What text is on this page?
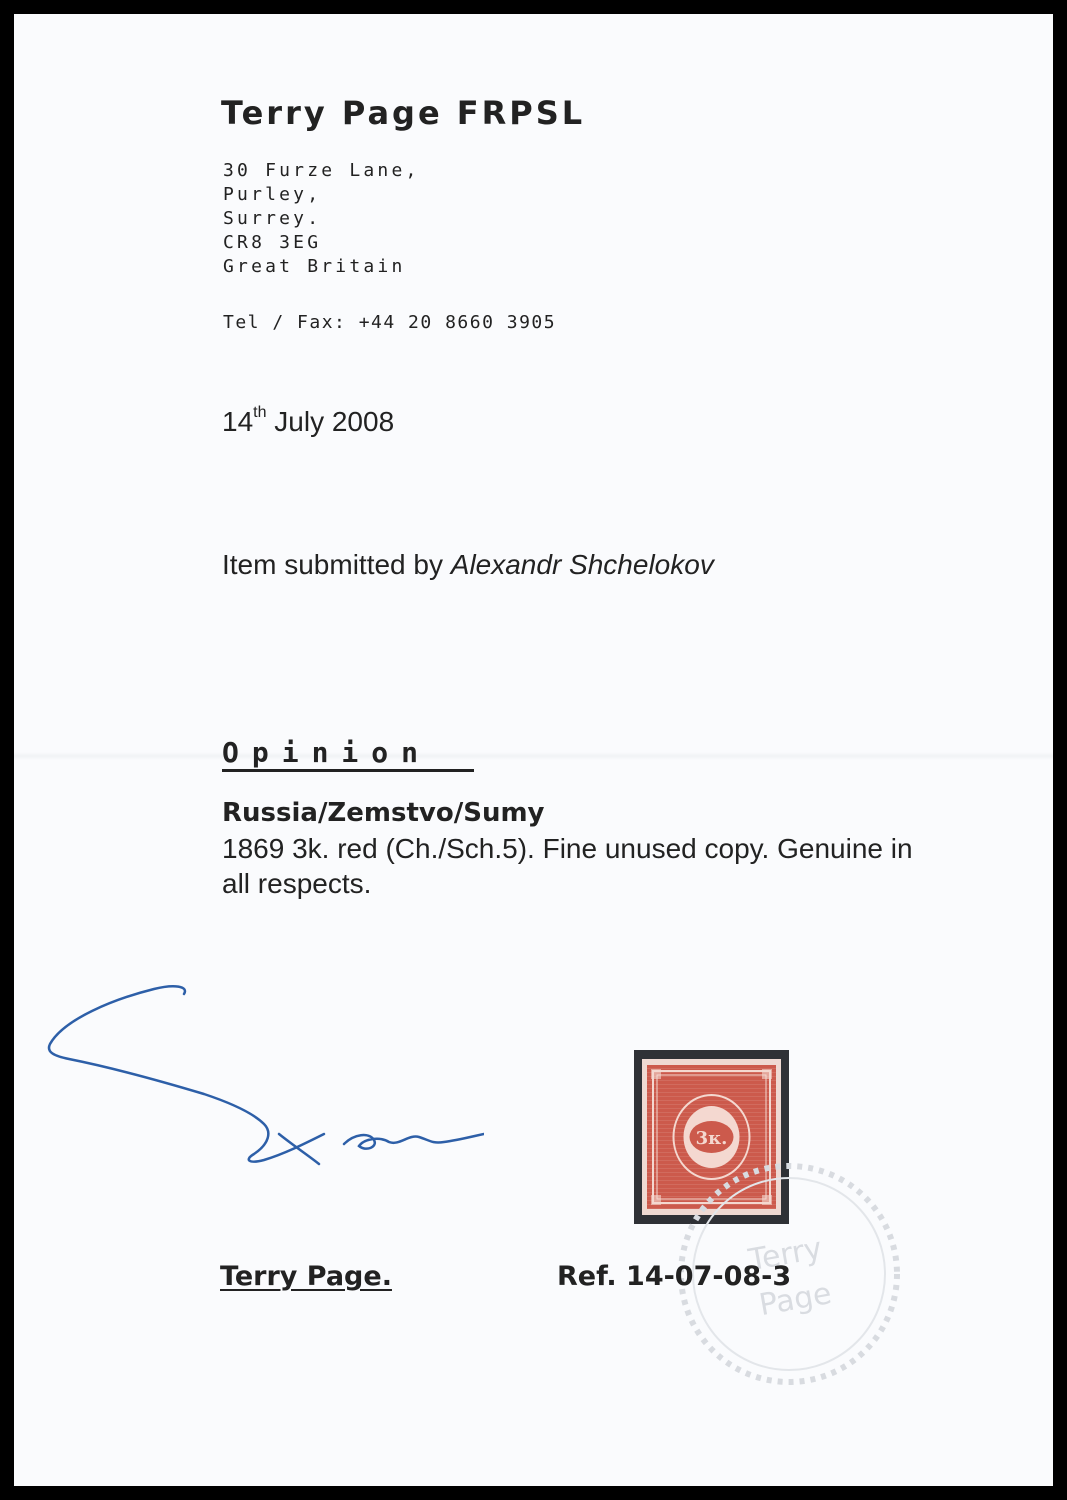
Terry Page FRPSL
30 Furze Lane,
Purley,
Surrey.
CR8 3EG
Great Britain
Tel / Fax: +44 20 8660 3905
14th July 2008
Item submitted by Alexandr Shchelokov
Opinion
Russia/Zemstvo/Sumy
1869 3k. red (Ch./Sch.5). Fine unused copy. Genuine in all respects.
Terry Page.	Ref. 14-07-08-3
3к.
Terry
Page
